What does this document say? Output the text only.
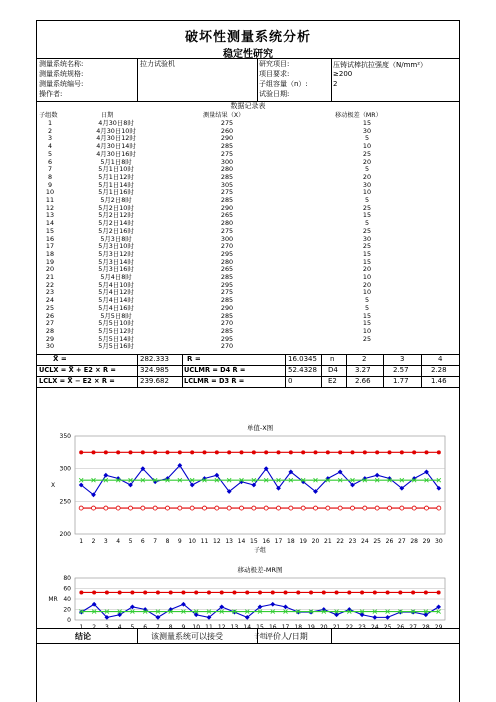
破坏性测量系统分析
稳定性研究
测量系统名称:	拉力试验机
测量系统规格:
测量系统编号:
操作者:
研究项目:	压铸试棒抗拉强度（N/mm²）
项目要求:	≥200
子组容量（n）:	2
试验日期:
数据记录表
子组数	日期	测量结果（X）	移动极差（MR）
1	4月30日8时	275	15
2	4月30日10时	260	30
3	4月30日12时	290	5
4	4月30日14时	285	10
5	4月30日16时	275	25
6	5月1日8时	300	20
7	5月1日10时	280	5
8	5月1日12时	285	20
9	5月1日14时	305	30
10	5月1日16时	275	10
11	5月2日8时	285	5
12	5月2日10时	290	25
13	5月2日12时	265	15
14	5月2日14时	280	5
15	5月2日16时	275	25
16	5月3日8时	300	30
17	5月3日10时	270	25
18	5月3日12时	295	15
19	5月3日14时	280	15
20	5月3日16时	265	20
21	5月4日8时	285	10
22	5月4日10时	295	20
23	5月4日12时	275	10
24	5月4日14时	285	5
25	5月4日16时	290	5
26	5月5日8时	285	15
27	5月5日10时	270	15
28	5月5日12时	285	10
29	5月5日14时	295	25
30	5月5日16时	270
X̿ =	282.333	R̄ =	16.0345
UCLX = X̿ + E2 × R̄ =	324.985 UCLMR = D4 R̄ =	52.4328
LCLX = X̿ − E2 × R̄ =	239.682 LCLMR = D3 R̄ =	0
n	2	3	4
D4 3.27	2.57	2.28
E2	2.66	1.77	1.46
单值-X图
200
250
300
350
1 2 3 4 5 6 7 8 9 10 11 12 13 14 15 16 17 18 19 20 21 22 23 24 25 26 27 28 29 30
子组
X
移动极差-MR图
0
20
40
60
80
1 2 3 4 5 6 7 8 9 10 11 12 13 14 15 16 17 18 19 20 21 22 23 24 25 26 27 28 29
子组
MR
结论	该测量系统可以接受	评价人/日期
